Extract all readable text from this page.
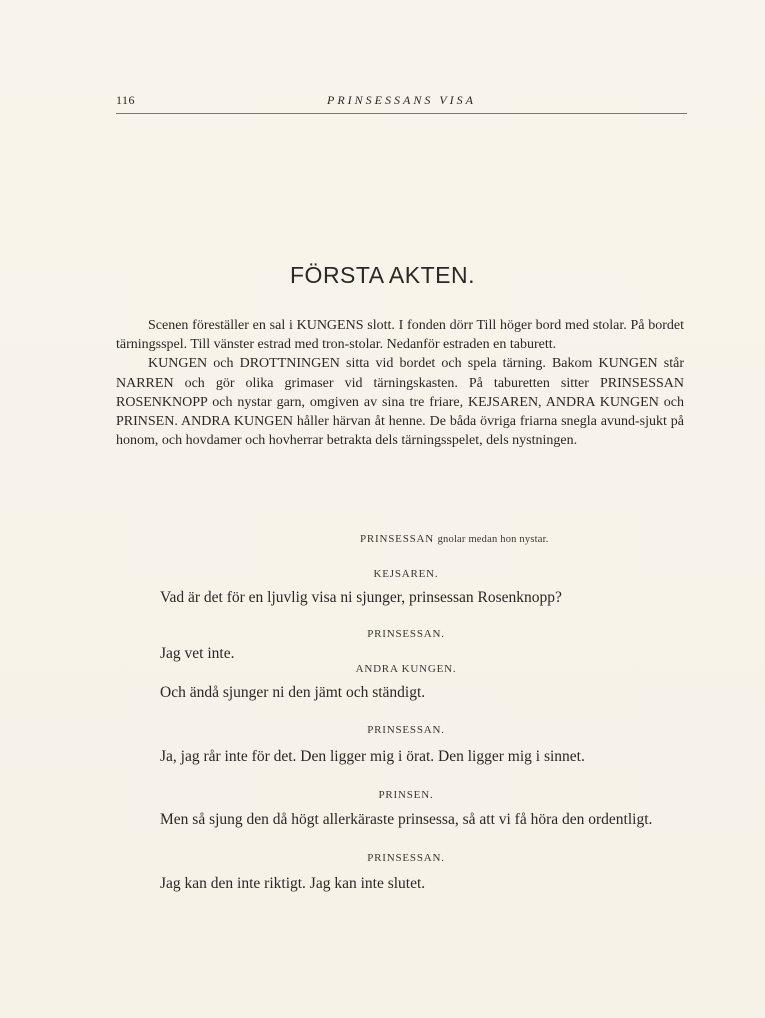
116	PRINSESSANS VISA
FÖRSTA AKTEN.

Scenen föreställer en sal i KUNGENS slott. I fonden dörr Till höger bord med stolar. På bordet tärningsspel. Till vänster estrad med tron-stolar. Nedanför estraden en taburett.

KUNGEN och DROTTNINGEN sitta vid bordet och spela tärning. Bakom KUNGEN står NARREN och gör olika grimaser vid tärningskasten. På taburetten sitter PRINSESSAN ROSENKNOPP och nystar garn, omgiven av sina tre friare, KEJSAREN, ANDRA KUNGEN och PRINSEN. ANDRA KUNGEN håller härvan åt henne. De båda övriga friarna snegla avund-sjukt på honom, och hovdamer och hovherrar betrakta dels tärningsspelet, dels nystningen.

PRINSESSAN gnolar medan hon nystar.
KEJSAREN.
Vad är det för en ljuvlig visa ni sjunger, prinsessan Rosenknopp?
PRINSESSAN.
Jag vet inte.
ANDRA KUNGEN.
Och ändå sjunger ni den jämt och ständigt.
PRINSESSAN.
Ja, jag rår inte för det. Den ligger mig i örat. Den ligger mig i sinnet.
PRINSEN.
Men så sjung den då högt allerkäraste prinsessa, så att vi få höra den ordentligt.
PRINSESSAN.
Jag kan den inte riktigt. Jag kan inte slutet.
